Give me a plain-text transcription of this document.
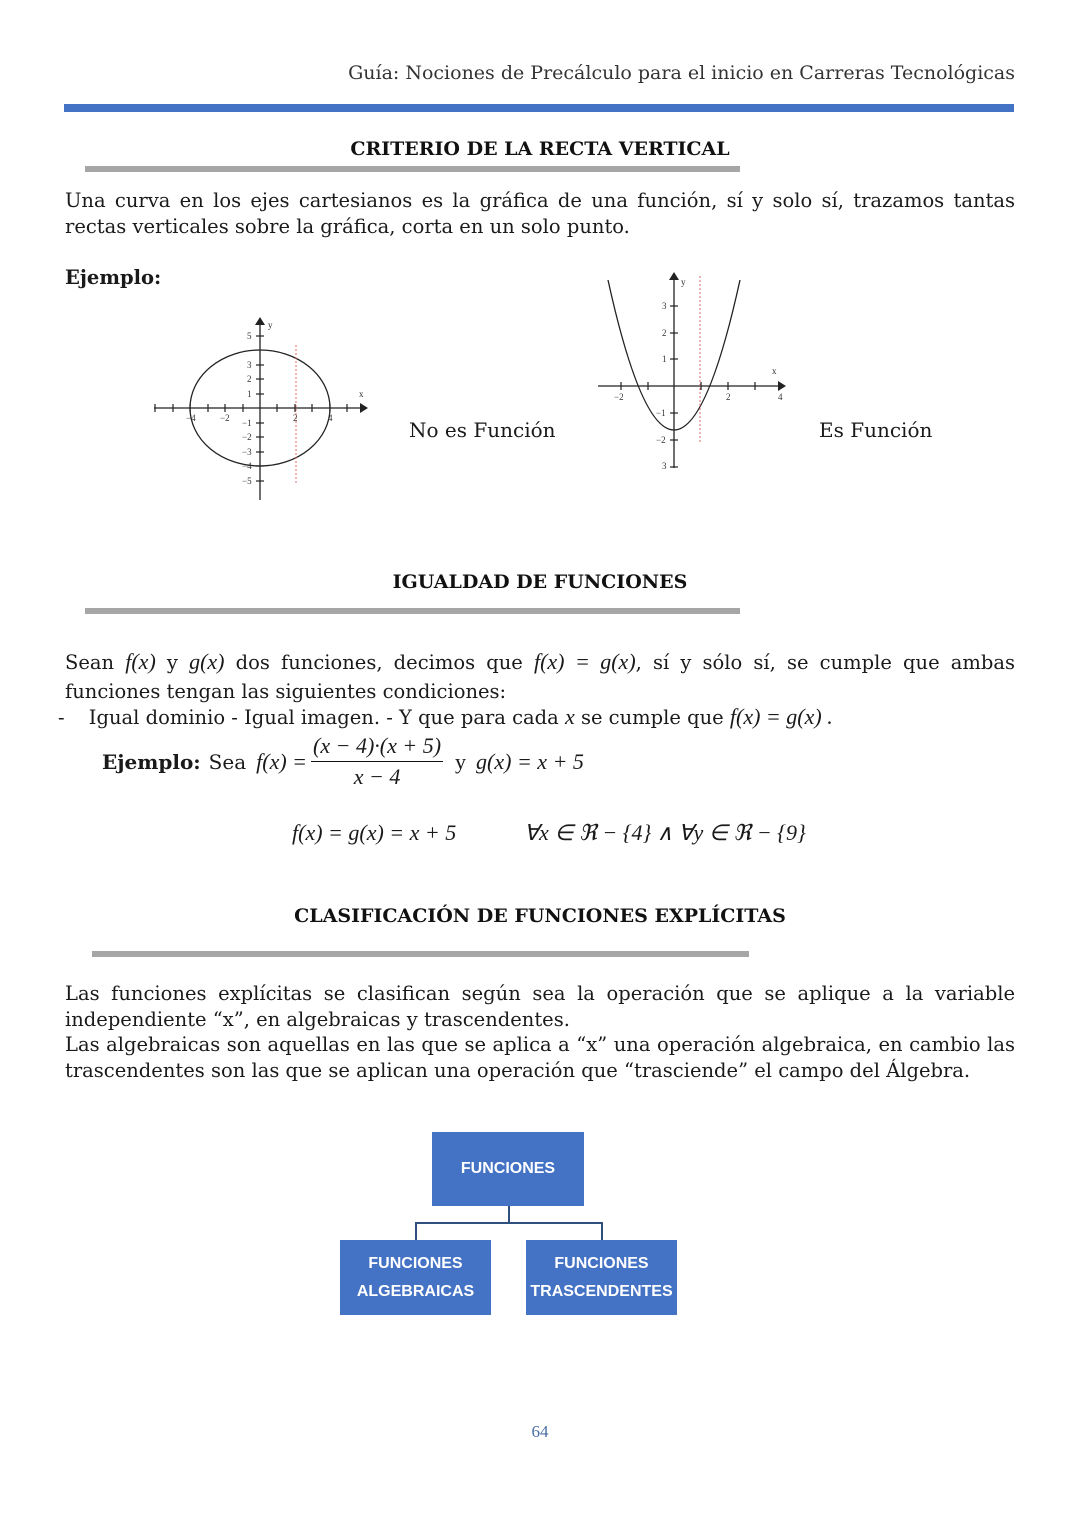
Guía: Nociones de Precálculo para el inicio en Carreras Tecnológicas
CRITERIO DE LA RECTA VERTICAL
Una curva en los ejes cartesianos es la gráfica de una función, sí y solo sí, trazamos tantas rectas verticales sobre la gráfica, corta en un solo punto.
Ejemplo:
y
x
−4	−2	2	4
5
3
2
1
−1
−2
−3
−4
−5
No es Función
y
x
−2	2	4
3
2
1
−1
−2
3
Es Función
IGUALDAD DE FUNCIONES
Sean f(x) y g(x) dos funciones, decimos que f(x) = g(x), sí y sólo sí, se cumple que ambas funciones tengan las siguientes condiciones:
- Igual dominio - Igual imagen. - Y que para cada x se cumple que f(x) = g(x) .
Ejemplo: Sea $f(x) = \frac{(x - 4)\cdot(x + 5)}{x - 4}$ y g(x) = x + 5
f(x) = g(x) = x + 5	∀x ∈ ℜ − {4} ∧ ∀y ∈ ℜ − {9}
CLASIFICACIÓN DE FUNCIONES EXPLÍCITAS
Las funciones explícitas se clasifican según sea la operación que se aplique a la variable independiente “x”, en algebraicas y trascendentes.
Las algebraicas son aquellas en las que se aplica a “x” una operación algebraica, en cambio las trascendentes son las que se aplican una operación que “trasciende” el campo del Álgebra.
FUNCIONES
FUNCIONES
ALGEBRAICAS
FUNCIONES
TRASCENDENTES
64
